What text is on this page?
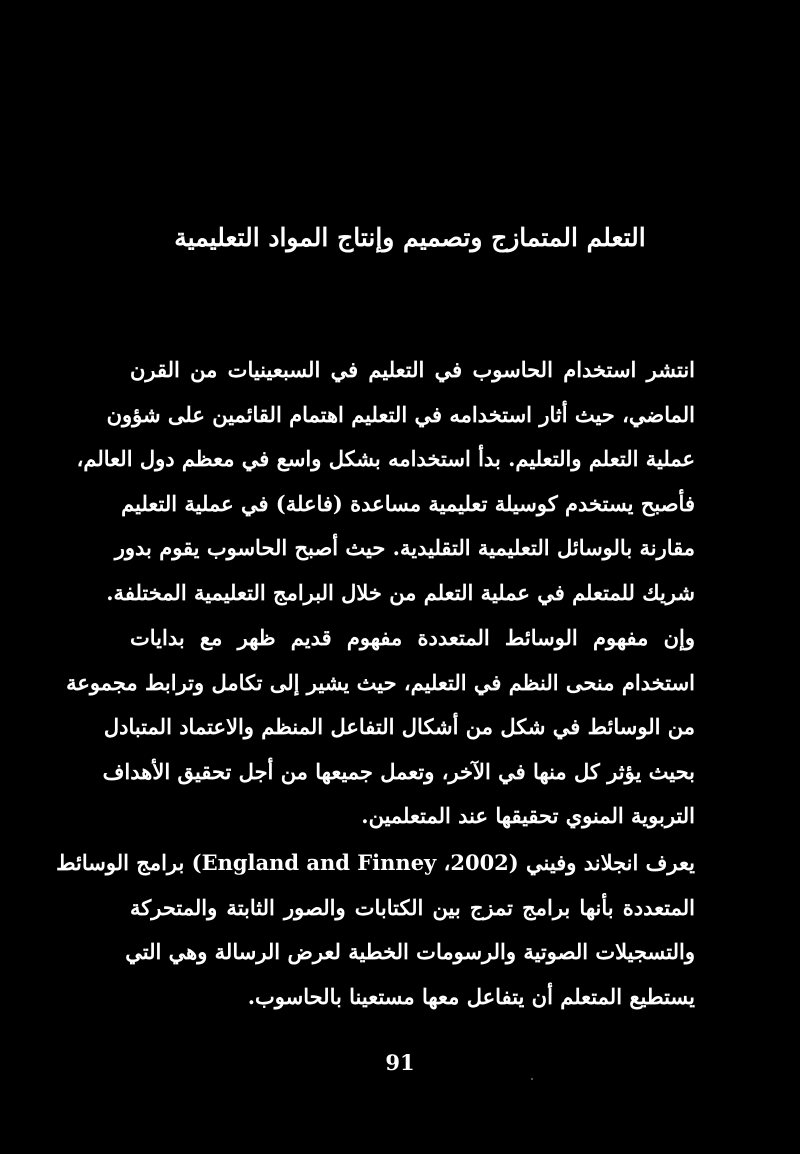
التعلم المتمازج وتصميم وإنتاج المواد التعليمية
انتشر استخدام الحاسوب في التعليم في السبعينيات من القرن
الماضي، حيث أثار استخدامه في التعليم اهتمام القائمين على شؤون
عملية التعلم والتعليم. بدأ استخدامه بشكل واسع في معظم دول العالم،
فأصبح يستخدم كوسيلة تعليمية مساعدة (فاعلة) في عملية التعليم
مقارنة بالوسائل التعليمية التقليدية. حيث أصبح الحاسوب يقوم بدور
شريك للمتعلم في عملية التعلم من خلال البرامج التعليمية المختلفة.
وإن مفهوم الوسائط المتعددة مفهوم قديم ظهر مع بدايات
استخدام منحى النظم في التعليم، حيث يشير إلى تكامل وترابط مجموعة
من الوسائط في شكل من أشكال التفاعل المنظم والاعتماد المتبادل
بحيث يؤثر كل منها في الآخر، وتعمل جميعها من أجل تحقيق الأهداف
التربوية المنوي تحقيقها عند المتعلمين.
يعرف انجلاند وفيني (England and Finney ،2002) برامج الوسائط
المتعددة بأنها برامج تمزج بين الكتابات والصور الثابتة والمتحركة
والتسجيلات الصوتية والرسومات الخطية لعرض الرسالة وهي التي
يستطيع المتعلم أن يتفاعل معها مستعينا بالحاسوب.
91
